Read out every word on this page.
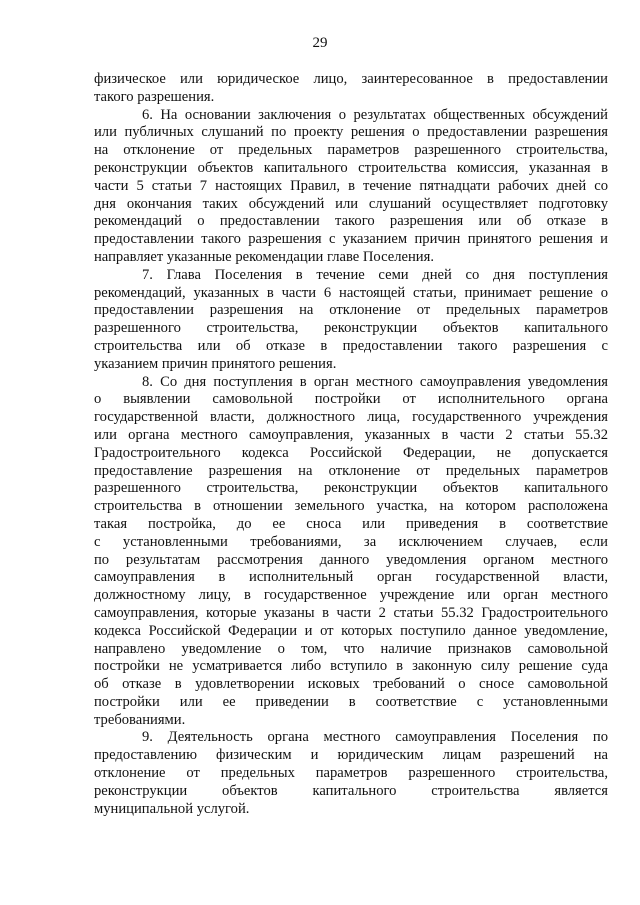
29
физическое или юридическое лицо, заинтересованное в предоставлении
такого разрешения.
6. На основании заключения о результатах общественных обсуждений
или публичных слушаний по проекту решения о предоставлении разрешения
на отклонение от предельных параметров разрешенного строительства,
реконструкции объектов капитального строительства комиссия, указанная в
части 5 статьи 7 настоящих Правил, в течение пятнадцати рабочих дней со
дня окончания таких обсуждений или слушаний осуществляет подготовку
рекомендаций о предоставлении такого разрешения или об отказе в
предоставлении такого разрешения с указанием причин принятого решения и
направляет указанные рекомендации главе Поселения.
7. Глава Поселения в течение семи дней со дня поступления
рекомендаций, указанных в части 6 настоящей статьи, принимает решение о
предоставлении разрешения на отклонение от предельных параметров
разрешенного строительства, реконструкции объектов капитального
строительства или об отказе в предоставлении такого разрешения с
указанием причин принятого решения.
8. Со дня поступления в орган местного самоуправления уведомления
о выявлении самовольной постройки от исполнительного органа
государственной власти, должностного лица, государственного учреждения
или органа местного самоуправления, указанных в части 2 статьи 55.32
Градостроительного кодекса Российской Федерации, не допускается
предоставление разрешения на отклонение от предельных параметров
разрешенного строительства, реконструкции объектов капитального
строительства в отношении земельного участка, на котором расположена
такая постройка, до ее сноса или приведения в соответствие
с установленными требованиями, за исключением случаев, если
по результатам рассмотрения данного уведомления органом местного
самоуправления в исполнительный орган государственной власти,
должностному лицу, в государственное учреждение или орган местного
самоуправления, которые указаны в части 2 статьи 55.32 Градостроительного
кодекса Российской Федерации и от которых поступило данное уведомление,
направлено уведомление о том, что наличие признаков самовольной
постройки не усматривается либо вступило в законную силу решение суда
об отказе в удовлетворении исковых требований о сносе самовольной
постройки или ее приведении в соответствие с установленными
требованиями.
9. Деятельность органа местного самоуправления Поселения по
предоставлению физическим и юридическим лицам разрешений на
отклонение от предельных параметров разрешенного строительства,
реконструкции объектов капитального строительства является
муниципальной услугой.
